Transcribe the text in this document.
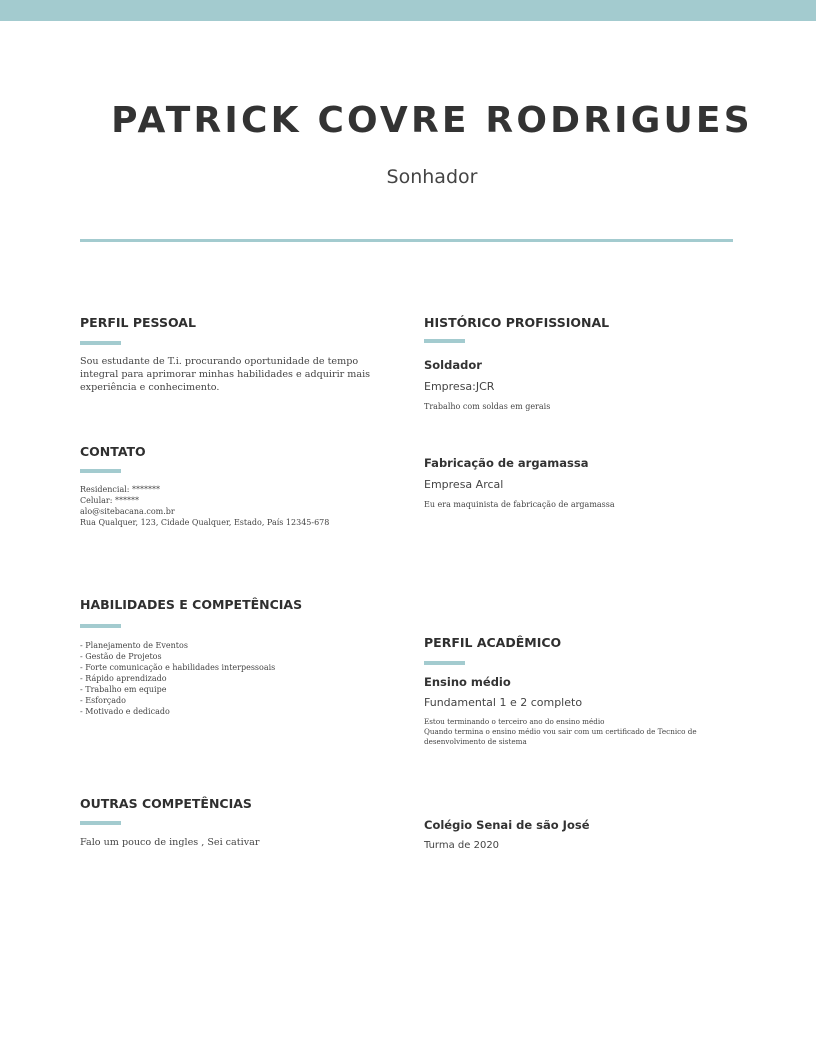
PATRICK COVRE RODRIGUES
Sonhador
PERFIL PESSOAL
Sou estudante de T.i. procurando oportunidade de tempo integral para aprimorar minhas habilidades e adquirir mais experiência e conhecimento.
CONTATO
Residencial: *******
Celular: ******
alo@sitebacana.com.br
Rua Qualquer, 123, Cidade Qualquer, Estado, País 12345-678
HABILIDADES E COMPETÊNCIAS
- Planejamento de Eventos
- Gestão de Projetos
- Forte comunicação e habilidades interpessoais
- Rápido aprendizado
- Trabalho em equipe
- Esforçado
- Motivado e dedicado
OUTRAS COMPETÊNCIAS
Falo um pouco de ingles , Sei cativar
HISTÓRICO PROFISSIONAL
Soldador
Empresa:JCR
Trabalho com soldas em gerais
Fabricação de argamassa
Empresa Arcal
Eu era maquinista de fabricação de argamassa
PERFIL ACADÊMICO
Ensino médio
Fundamental 1 e 2 completo
Estou terminando o terceiro ano do ensino médio
Quando termina o ensino médio vou sair com um certificado de Tecnico de desenvolvimento de sistema
Colégio Senai de são José
Turma de 2020
